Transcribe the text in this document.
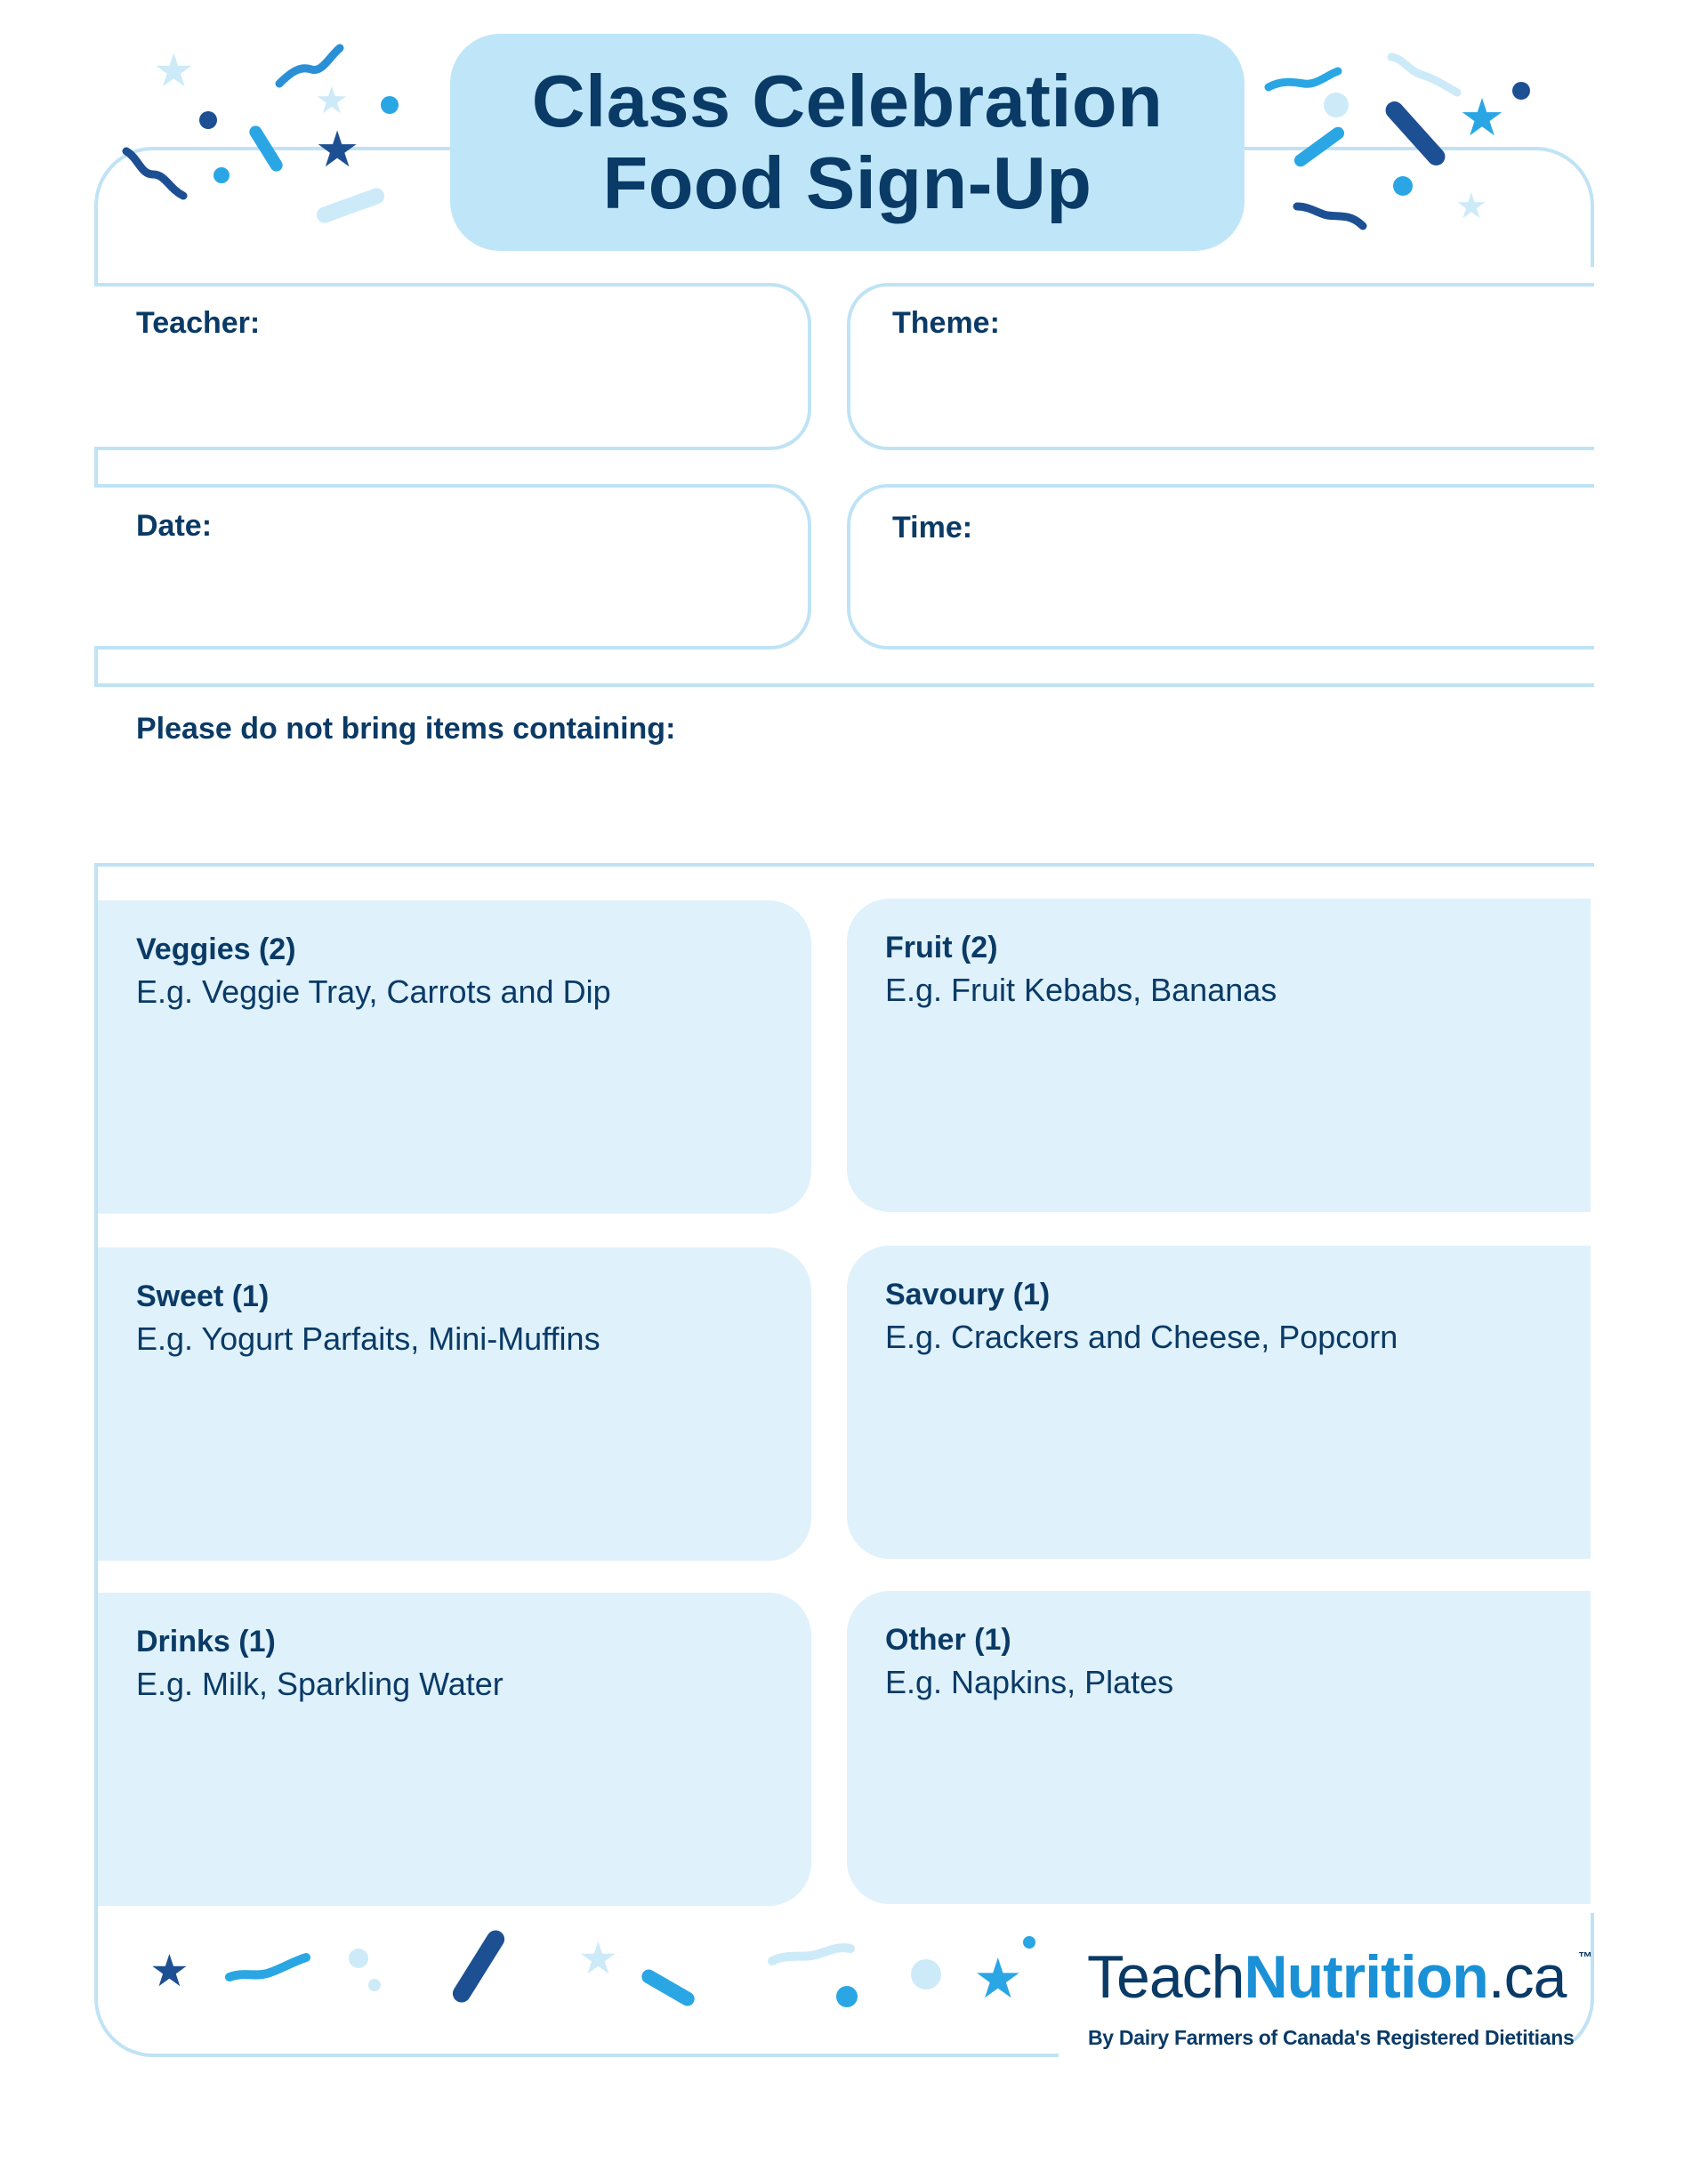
Class Celebration
Food Sign-Up
★
★
★
★
★
Teacher:	Theme:
Date:	Time:
Please do not bring items containing:
Veggies (2)
E.g. Veggie Tray, Carrots and Dip
Fruit (2)
E.g. Fruit Kebabs, Bananas
Sweet (1)
E.g. Yogurt Parfaits, Mini-Muffins
Savoury (1)
E.g. Crackers and Cheese, Popcorn
Drinks (1)
E.g. Milk, Sparkling Water
Other (1)
E.g. Napkins, Plates
★	★	★ TeachNutrition.ca ™
By Dairy Farmers of Canada's Registered Dietitians
